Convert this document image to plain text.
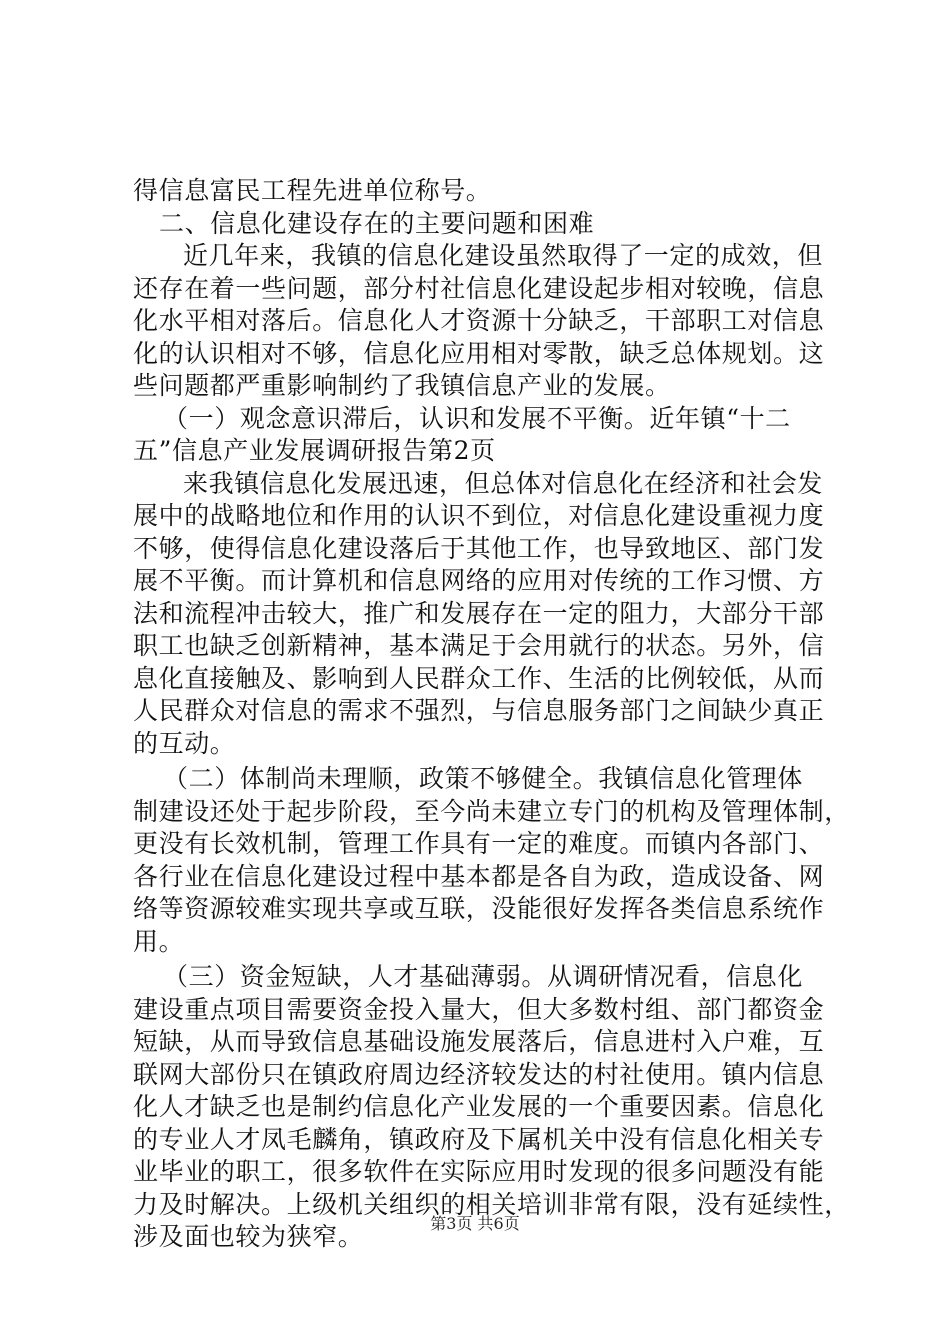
得信息富民工程先进单位称号。
二、信息化建设存在的主要问题和困难
近几年来，我镇的信息化建设虽然取得了一定的成效，但
还存在着一些问题，部分村社信息化建设起步相对较晚，信息
化水平相对落后。信息化人才资源十分缺乏，干部职工对信息
化的认识相对不够，信息化应用相对零散，缺乏总体规划。这
些问题都严重影响制约了我镇信息产业的发展。
（一）观念意识滞后，认识和发展不平衡。近年镇“十二
五”信息产业发展调研报告第2页
来我镇信息化发展迅速，但总体对信息化在经济和社会发
展中的战略地位和作用的认识不到位，对信息化建设重视力度
不够，使得信息化建设落后于其他工作，也导致地区、部门发
展不平衡。而计算机和信息网络的应用对传统的工作习惯、方
法和流程冲击较大，推广和发展存在一定的阻力，大部分干部
职工也缺乏创新精神，基本满足于会用就行的状态。另外，信
息化直接触及、影响到人民群众工作、生活的比例较低，从而
人民群众对信息的需求不强烈，与信息服务部门之间缺少真正
的互动。
（二）体制尚未理顺，政策不够健全。我镇信息化管理体
制建设还处于起步阶段，至今尚未建立专门的机构及管理体制，
更没有长效机制，管理工作具有一定的难度。而镇内各部门、
各行业在信息化建设过程中基本都是各自为政，造成设备、网
络等资源较难实现共享或互联，没能很好发挥各类信息系统作
用。
（三）资金短缺，人才基础薄弱。从调研情况看，信息化
建设重点项目需要资金投入量大，但大多数村组、部门都资金
短缺，从而导致信息基础设施发展落后，信息进村入户难，互
联网大部份只在镇政府周边经济较发达的村社使用。镇内信息
化人才缺乏也是制约信息化产业发展的一个重要因素。信息化
的专业人才凤毛麟角，镇政府及下属机关中没有信息化相关专
业毕业的职工，很多软件在实际应用时发现的很多问题没有能
力及时解决。上级机关组织的相关培训非常有限，没有延续性，
涉及面也较为狭窄。	第3页 共6页
